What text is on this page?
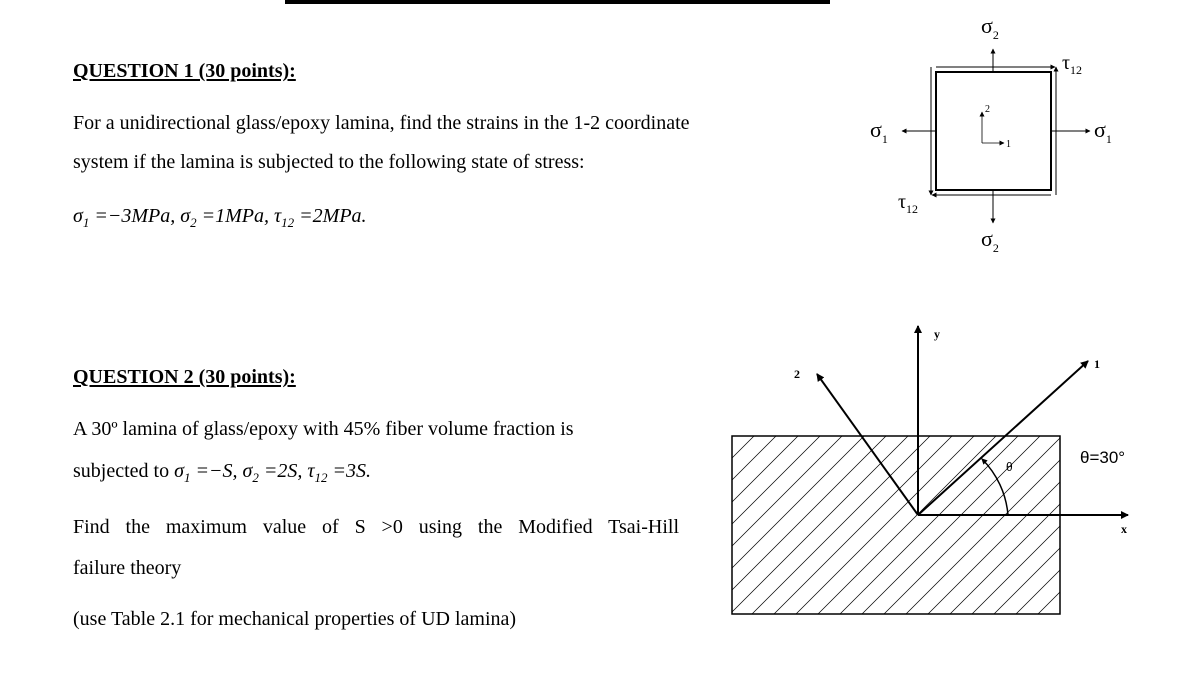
QUESTION 1 (30 points):
For a unidirectional glass/epoxy lamina, find the strains in the 1-2 coordinate
system if the lamina is subjected to the following state of stress:
$\sigma_1 =-3MPa$, $\sigma_2 =1MPa$, $\tau_{12} =2MPa$.
QUESTION 2 (30 points):
A 30º lamina of glass/epoxy with 45% fiber volume fraction is
subjected to $\sigma_1 =-S$, $\sigma_2 =2S$, $\tau_{12} =3S$.
Find the maximum value of S >0 using the Modified Tsai-Hill
failure theory
(use Table 2.1 for mechanical properties of UD lamina)
2
1
$\sigma_2$
$\tau_{12}$
$\sigma_1$	$\sigma_1$
$\tau_{12}$
$\sigma_2$
y
x
1
2
θ	θ=30°
